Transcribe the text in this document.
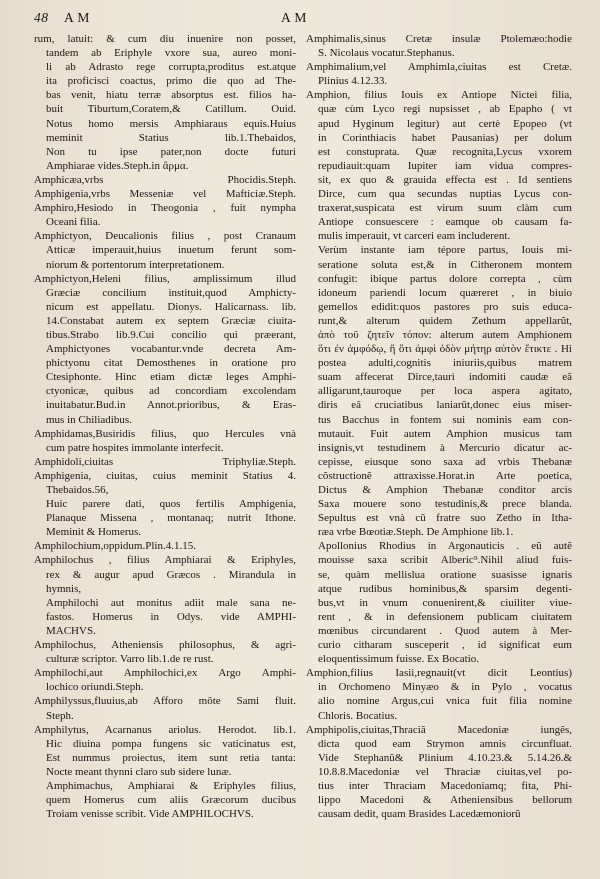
48	A M	A M
rum, latuit: & cum diu inuenire non posset,
tandem ab Eriphyle vxore sua, aureo moni-
li ab Adrasto rege corrupta,proditus est.atque
ita proficisci coactus, primo die quo ad The-
bas venit, hiatu terræ absorptus est. filios ha-
buit Tiburtum,Coratem,& Catillum. Ouid.
Notus homo mersis Amphiaraus equis.Huius
meminit Statius lib.1.Thebaidos,
Non tu ipse pater,non docte futuri
Amphiarae vides.Steph.in ἄρμα.
Amphicæa,vrbs Phocidis.Steph.
Amphigenia,vrbs Messeniæ vel Mafticiæ.Steph.
Amphiro,Hesiodo in Theogonia , fuit nympha
Oceani filia.
Amphictyon, Deucalionis filius , post Cranaum
Atticæ imperauit,huius inuetum ferunt som-
niorum & portentorum interpretationem.
Amphictyon,Heleni filius, amplissimum illud
Græciæ concilium instituit,quod Amphicty-
nicum est appellatu. Dionys. Halicarnass. lib.
14.Constabat autem ex septem Græciæ ciuita-
tibus.Strabo lib.9.Cui concilio qui præerant,
Amphictyones vocabantur.vnde decreta Am-
phictyonu citat Demosthenes in oratione pro
Ctesiphonte. Hinc etiam dictæ leges Amphi-
ctyonicæ, quibus ad concordiam excolendam
inuitabatur.Bud.in Annot.prioribus, & Eras-
mus in Chiliadibus.
Amphidamas,Busiridis filius, quo Hercules vnà
cum patre hospites immolante interfecit.
Amphidoli,ciuitas Triphyliæ.Steph.
Amphigenia, ciuitas, cuius meminit Statius 4.
Thebaidos.56,
Huic parere dati, quos fertilis Amphigenia,
Planaque Missena , montanaq; nutrit Ithone.
Meminit & Homerus.
Amphilochium,oppidum.Plin.4.1.15.
Amphilochus , filius Amphiarai & Eriphyles,
rex & augur apud Græcos . Mirandula in
hymnis,
Amphilochi aut monitus adiit male sana ne-
fastos. Homerus in Odys. vide AMPHI-
MACHVS.
Amphilochus, Atheniensis philosophus, & agri-
culturæ scriptor. Varro lib.1.de re rust.
Amphilochi,aut Amphilochici,ex Argo Amphi-
lochico oriundi.Steph.
Amphilyssus,fluuius,ab Afforo mõte Sami fluit.
Steph.
Amphilytus, Acarnanus ariolus. Herodot. lib.1.
Hic diuina pompa fungens sic vaticinatus est,
Est nummus proiectus, item sunt retia tanta:
Nocte meant thynni claro sub sidere lunæ.
Amphimachus, Amphiarai & Eriphyles filius,
quem Homerus cum aliis Græcorum ducibus
Troiam venisse scribit. Vide AMPHILOCHVS.
Amphimalis,sinus Cretæ insulæ Ptolemæo:hodie
S. Nicolaus vocatur.Stephanus.
Amphimalium,vel Amphimla,ciuitas est Cretæ.
Plinius 4.12.33.
Amphion, filius Iouis ex Antiope Nictei filia,
quæ cùm Lyco regi nupsisset , ab Epapho ( vt
apud Hyginum legitur) aut certè Epopeo (vt
in Corinthiacis habet Pausanias) per dolum
est constuprata. Quæ recognita,Lycus vxorem
repudiauit:quam Iupiter iam vidua compres-
sit, ex quo & grauida effecta est . Id sentiens
Dirce, cum qua secundas nuptias Lycus con-
traxerat,suspicata est virum suum clàm cum
Antiope consuescere : eamque ob causam fa-
mulis imperauit, vt carceri eam includerent.
Verùm instante iam tépore partus, Iouis mi-
seratione soluta est,& in Citheronem montem
confugit: ibique partus dolore correpta , cùm
idoneum pariendi locum quæreret , in biuio
gemellos edidit:quos pastores pro suis educa-
runt,& alterum quidem Zethum appellarũt,
ἀπὸ τοῦ ζητεῖν τόπον: alterum autem Amphionem
ὅτι ἐν ἀμφόδῳ, ἢ ὅτι ἀμφὶ ὁδὸν μήτηρ αὐτὸν ἔτικτε . Hi
postea adulti,cognitis iniuriis,quibus matrem
suam affecerat Dirce,tauri indomiti caudæ eã
alligarunt,tauroque per loca aspera agitato,
diris eã cruciatibus laniarũt,donec eius miser-
tus Bacchus in fontem sui nominis eam con-
mutauit. Fuit autem Amphion musicus tam
insignis,vt testudinem à Mercurio dicatur ac-
cepisse, eiusque sono saxa ad vrbis Thebanæ
cõstructionẽ attraxisse.Horat.in Arte poetica,
Dictus & Amphion Thebanæ conditor arcis
Saxa mouere sono testudinis,& prece blanda.
Sepultus est vnà cũ fratre suo Zetho in Itha-
ræa vrbe Bœotiæ.Steph. De Amphione lib.1.
Apollonius Rhodius in Argonauticis . eũ autẽ
mouisse saxa scribit Alberic⁹.Nihil aliud fuis-
se, quàm mellislua oratione suasisse ignaris
atque rudibus hominibus,& sparsim degenti-
bus,vt in vnum conuenirent,& ciuiliter viue-
rent , & in defensionem publicam ciuitatem
mœnibus circundarent . Quod autem à Mer-
curio citharam susceperit , id significat eum
eloquentissimum fuisse. Ex Bocatio.
Amphion,filius Iasii,regnauit(vt dicit Leontius)
in Orchomeno Minyæo & in Pylo , vocatus
alio nomine Argus,cui vnica fuit filia nomine
Chloris. Bocatius.
Amphipolis,ciuitas,Thraciã Macedoniæ iungẽs,
dicta quod eam Strymon amnis circunfluat.
Vide Stephanũ& Plinium 4.10.23.& 5.14.26.&
10.8.8.Macedoniæ vel Thraciæ ciuitas,vel po-
tius inter Thraciam Macedoniamq; fita, Phi-
lippo Macedoni & Atheniensibus bellorum
causam dedit, quam Brasides Lacedæmoniorũ
